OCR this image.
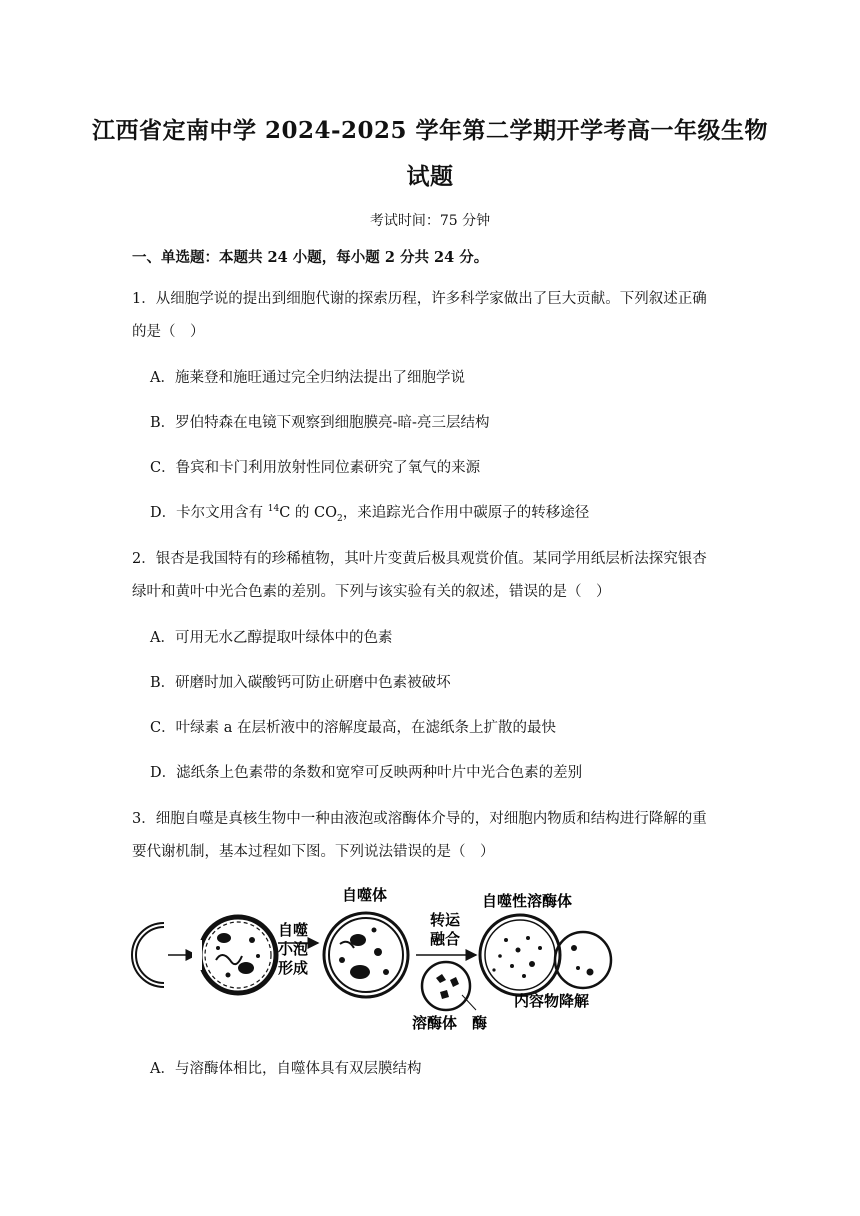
江西省定南中学 2024-2025 学年第二学期开学考高一年级生物
试题
考试时间：75 分钟
一、单选题：本题共 24 小题，每小题 2 分共 24 分。
1．从细胞学说的提出到细胞代谢的探索历程，许多科学家做出了巨大贡献。下列叙述正确
的是（　）
A．施莱登和施旺通过完全归纳法提出了细胞学说
B．罗伯特森在电镜下观察到细胞膜亮-暗-亮三层结构
C．鲁宾和卡门利用放射性同位素研究了氧气的来源
D．卡尔文用含有 $^{14}$C 的 $CO_2$，来追踪光合作用中碳原子的转移途径
2．银杏是我国特有的珍稀植物，其叶片变黄后极具观赏价值。某同学用纸层析法探究银杏
绿叶和黄叶中光合色素的差别。下列与该实验有关的叙述，错误的是（　）
A．可用无水乙醇提取叶绿体中的色素
B．研磨时加入碳酸钙可防止研磨中色素被破坏
C．叶绿素 a 在层析液中的溶解度最高，在滤纸条上扩散的最快
D．滤纸条上色素带的条数和宽窄可反映两种叶片中光合色素的差别
3．细胞自噬是真核生物中一种由液泡或溶酶体介导的，对细胞内物质和结构进行降解的重
要代谢机制，基本过程如下图。下列说法错误的是（　）
自噬
小泡
形成
自噬体
转运
融合
溶酶体 酶
自噬性溶酶体
内容物降解
A．与溶酶体相比，自噬体具有双层膜结构
